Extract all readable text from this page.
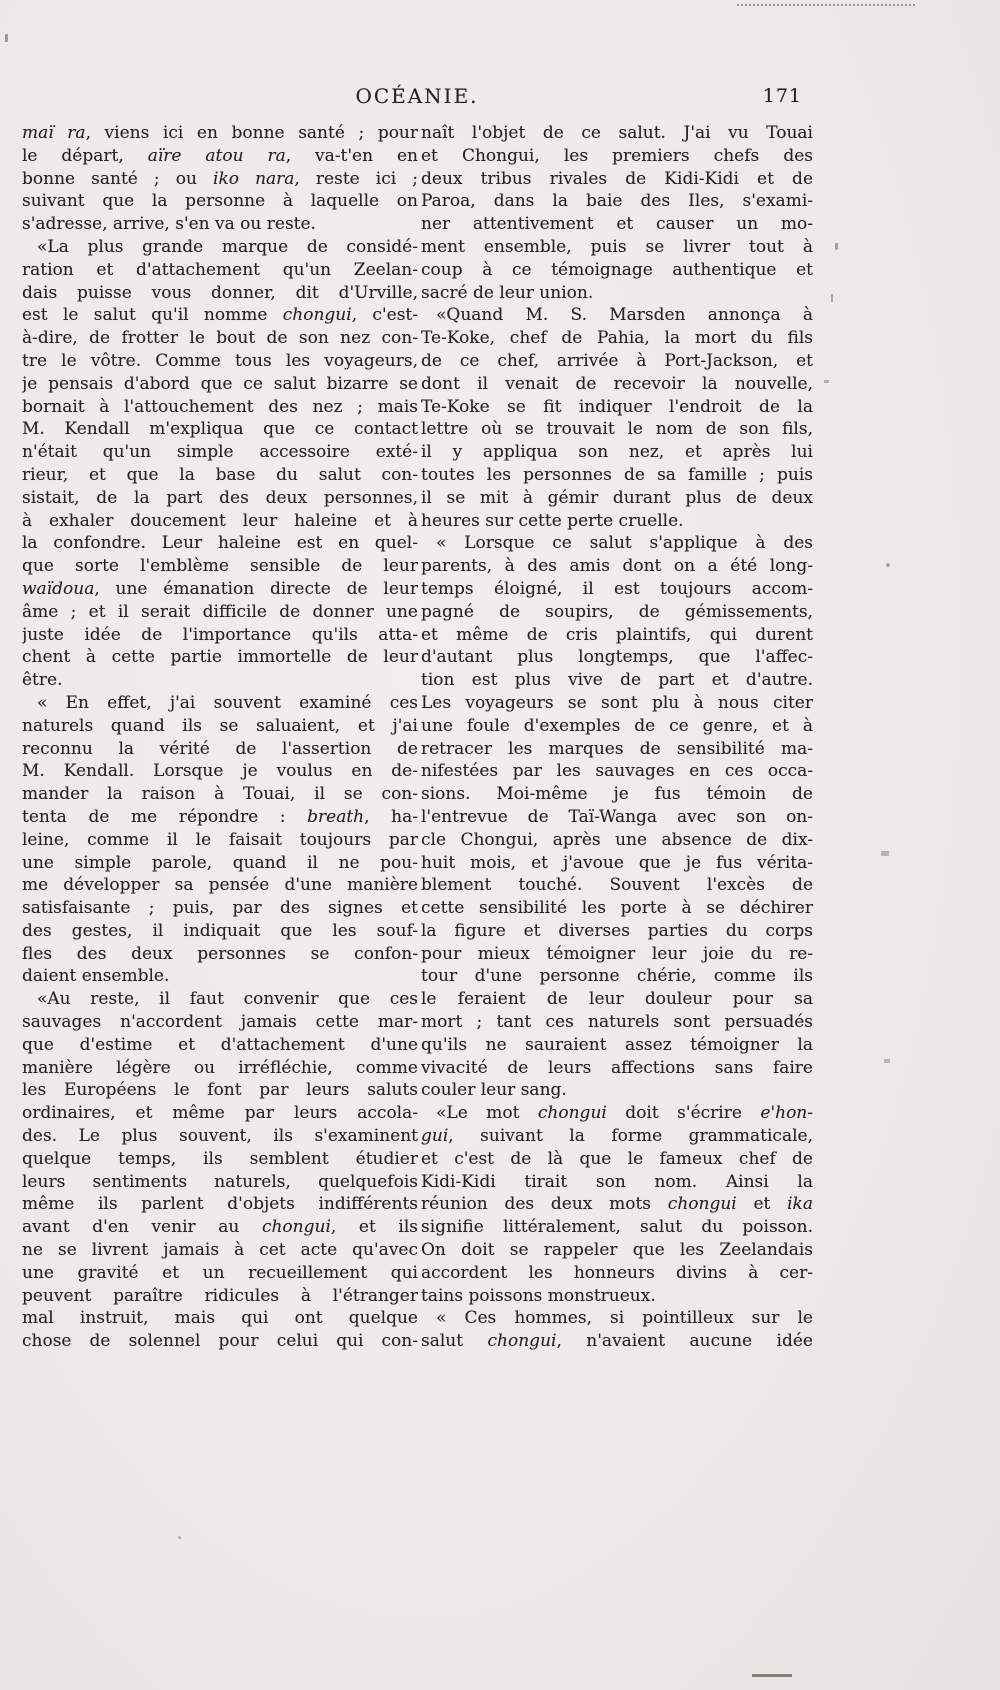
OCÉANIE.	171
maï ra, viens ici en bonne santé ; pour
le départ, aïre atou ra, va-t'en en
bonne santé ; ou iko nara, reste ici ;
suivant que la personne à laquelle on
s'adresse, arrive, s'en va ou reste.
«La plus grande marque de considé-
ration et d'attachement qu'un Zeelan-
dais puisse vous donner, dit d'Urville,
est le salut qu'il nomme chongui, c'est-
à-dire, de frotter le bout de son nez con-
tre le vôtre. Comme tous les voyageurs,
je pensais d'abord que ce salut bizarre se
bornait à l'attouchement des nez ; mais
M. Kendall m'expliqua que ce contact
n'était qu'un simple accessoire exté-
rieur, et que la base du salut con-
sistait, de la part des deux personnes,
à exhaler doucement leur haleine et à
la confondre. Leur haleine est en quel-
que sorte l'emblème sensible de leur
waïdoua, une émanation directe de leur
âme ; et il serait difficile de donner une
juste idée de l'importance qu'ils atta-
chent à cette partie immortelle de leur
être.
« En effet, j'ai souvent examiné ces
naturels quand ils se saluaient, et j'ai
reconnu la vérité de l'assertion de
M. Kendall. Lorsque je voulus en de-
mander la raison à Touai, il se con-
tenta de me répondre : breath, ha-
leine, comme il le faisait toujours par
une simple parole, quand il ne pou-
me développer sa pensée d'une manière
satisfaisante ; puis, par des signes et
des gestes, il indiquait que les souf-
fles des deux personnes se confon-
daient ensemble.
«Au reste, il faut convenir que ces
sauvages n'accordent jamais cette mar-
que d'estime et d'attachement d'une
manière légère ou irréfléchie, comme
les Européens le font par leurs saluts
ordinaires, et même par leurs accola-
des. Le plus souvent, ils s'examinent
quelque temps, ils semblent étudier
leurs sentiments naturels, quelquefois
même ils parlent d'objets indifférents
avant d'en venir au chongui, et ils
ne se livrent jamais à cet acte qu'avec
une gravité et un recueillement qui
peuvent paraître ridicules à l'étranger
mal instruit, mais qui ont quelque
chose de solennel pour celui qui con-
naît l'objet de ce salut. J'ai vu Touai
et Chongui, les premiers chefs des
deux tribus rivales de Kidi-Kidi et de
Paroa, dans la baie des Iles, s'exami-
ner attentivement et causer un mo-
ment ensemble, puis se livrer tout à
coup à ce témoignage authentique et
sacré de leur union.
«Quand M. S. Marsden annonça à
Te-Koke, chef de Pahia, la mort du fils
de ce chef, arrivée à Port-Jackson, et
dont il venait de recevoir la nouvelle,
Te-Koke se fit indiquer l'endroit de la
lettre où se trouvait le nom de son fils,
il y appliqua son nez, et après lui
toutes les personnes de sa famille ; puis
il se mit à gémir durant plus de deux
heures sur cette perte cruelle.
« Lorsque ce salut s'applique à des
parents, à des amis dont on a été long-
temps éloigné, il est toujours accom-
pagné de soupirs, de gémissements,
et même de cris plaintifs, qui durent
d'autant plus longtemps, que l'affec-
tion est plus vive de part et d'autre.
Les voyageurs se sont plu à nous citer
une foule d'exemples de ce genre, et à
retracer les marques de sensibilité ma-
nifestées par les sauvages en ces occa-
sions. Moi-même je fus témoin de
l'entrevue de Taï-Wanga avec son on-
cle Chongui, après une absence de dix-
huit mois, et j'avoue que je fus vérita-
blement touché. Souvent l'excès de
cette sensibilité les porte à se déchirer
la figure et diverses parties du corps
pour mieux témoigner leur joie du re-
tour d'une personne chérie, comme ils
le feraient de leur douleur pour sa
mort ; tant ces naturels sont persuadés
qu'ils ne sauraient assez témoigner la
vivacité de leurs affections sans faire
couler leur sang.
«Le mot chongui doit s'écrire e'hon-
gui, suivant la forme grammaticale,
et c'est de là que le fameux chef de
Kidi-Kidi tirait son nom. Ainsi la
réunion des deux mots chongui et ika
signifie littéralement, salut du poisson.
On doit se rappeler que les Zeelandais
accordent les honneurs divins à cer-
tains poissons monstrueux.
« Ces hommes, si pointilleux sur le
salut chongui, n'avaient aucune idée
